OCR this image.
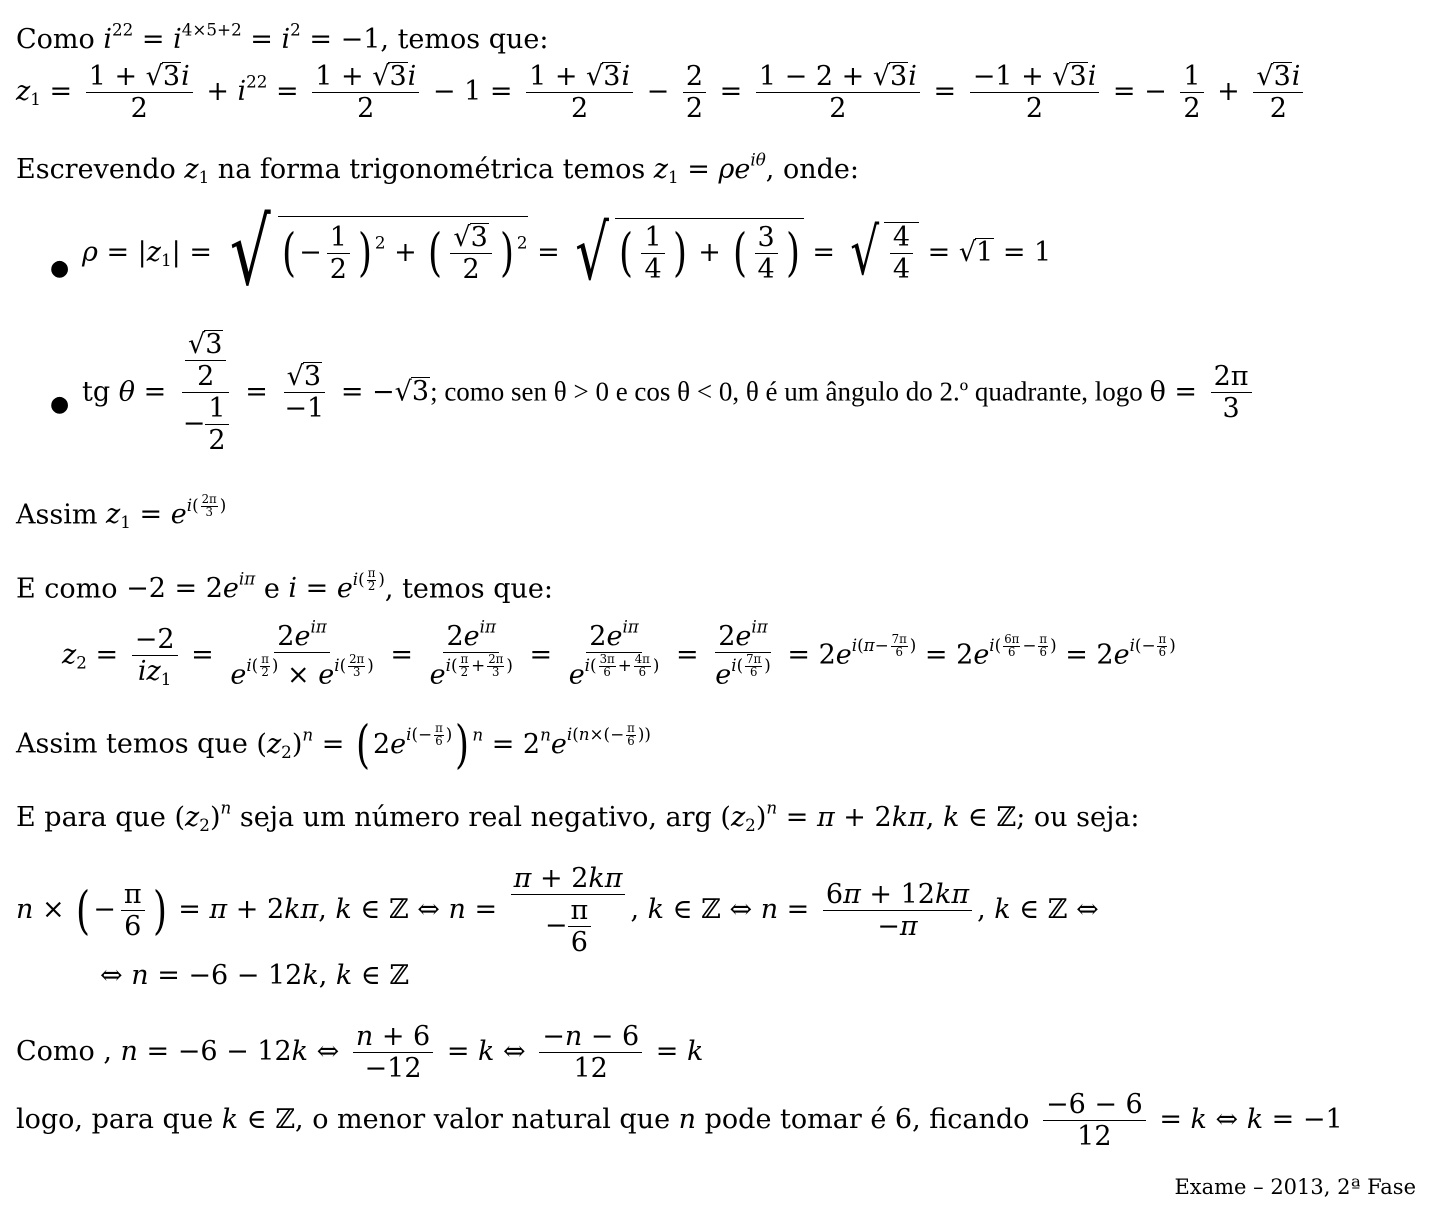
Como $i^{22} = i^{4\times 5+2} = i^2 = -1$, temos que:
$z_1 = \frac{1 + √3i}{2} + i^{22} = \frac{1 + √3i}{2} - 1 = \frac{1 + √3i}{2} - \frac{2}{2} = \frac{1 - 2 + √3i}{2} = \frac{-1 + √3i}{2}$ = − $\frac{1}{2} + \frac{√3i}{2}$
Escrevendo $z_1$ na forma trigonométrica temos $z_1 = \rho e^{i\theta}$, onde:
●
$\rho = |z_1|$ = √ ( − $\frac{1}{2}$ ) $^2$ + ( $\frac{√3}{2}$ ) $^2$ = √ ( $\frac{1}{4}$ ) + ( $\frac{3}{4}$ ) = √ $\frac{4}{4} = √1 = 1$
● tg $\theta = \frac{\frac{√3}{2}}{- \frac{1}{2}} = \frac{√3}{-1} = -√3$; como sen θ > 0 e cos θ < 0, θ é um ângulo do 2.º quadrante, logo $\theta = \frac{2\pi}{3}$
Assim $z_1 = e^{i( \frac{2\pi}{3} )}$
E como $-2 = 2e^{i\pi}$ e $i = e^{i( \frac{\pi}{2} )}$, temos que:
$z_2 = \frac{-2}{iz_1}$ =
$2e^{i\pi}$
$e^{i( \frac{\pi}{2} )} \times e^{i( \frac{2\pi}{3} )}$ =
$2e^{i\pi}$
$e^{i( \frac{\pi}{2} + \frac{2\pi}{3} )}$ =
$2e^{i\pi}$
$e^{i( \frac{3\pi}{6} + \frac{4\pi}{6} )}$ =
$2e^{i\pi}$
$e^{i( \frac{7\pi}{6} )} = 2e^{i(\pi- \frac{7\pi}{6} )} = 2e^{i( \frac{6\pi}{6} - \frac{\pi}{6} )} = 2e^{i(- \frac{\pi}{6} )}$
Assim temos que $(z_2)^n$ = ( $2e^{i(- \frac{\pi}{6} )}$) $^n = 2^ne^{i(n\times(- \frac{\pi}{6} ))}$
E para que $(z_2)^n$ seja um número real negativo, arg $(z_2)^n = \pi + 2k\pi$, k ∈ ℤ; ou seja:
n × ( − $\frac{\pi}{6}$ ) = π + 2kπ, k ∈ ℤ ⇔ $n = \frac{\pi + 2k\pi}{- \frac{\pi}{6}}$ , k ∈ ℤ ⇔ $n = \frac{6\pi + 12k\pi}{-\pi}$ , k ∈ ℤ ⇔
⇔ n = −6 − 12k, k ∈ ℤ
Como , n = −6 − 12k ⇔ $\frac{n + 6}{-12} = k$ ⇔ $\frac{-n - 6}{12} = k$
logo, para que k ∈ ℤ, o menor valor natural que n pode tomar é 6, ficando $\frac{-6 - 6}{12} = k$ ⇔ k = −1
Exame – 2013, 2ª Fase
